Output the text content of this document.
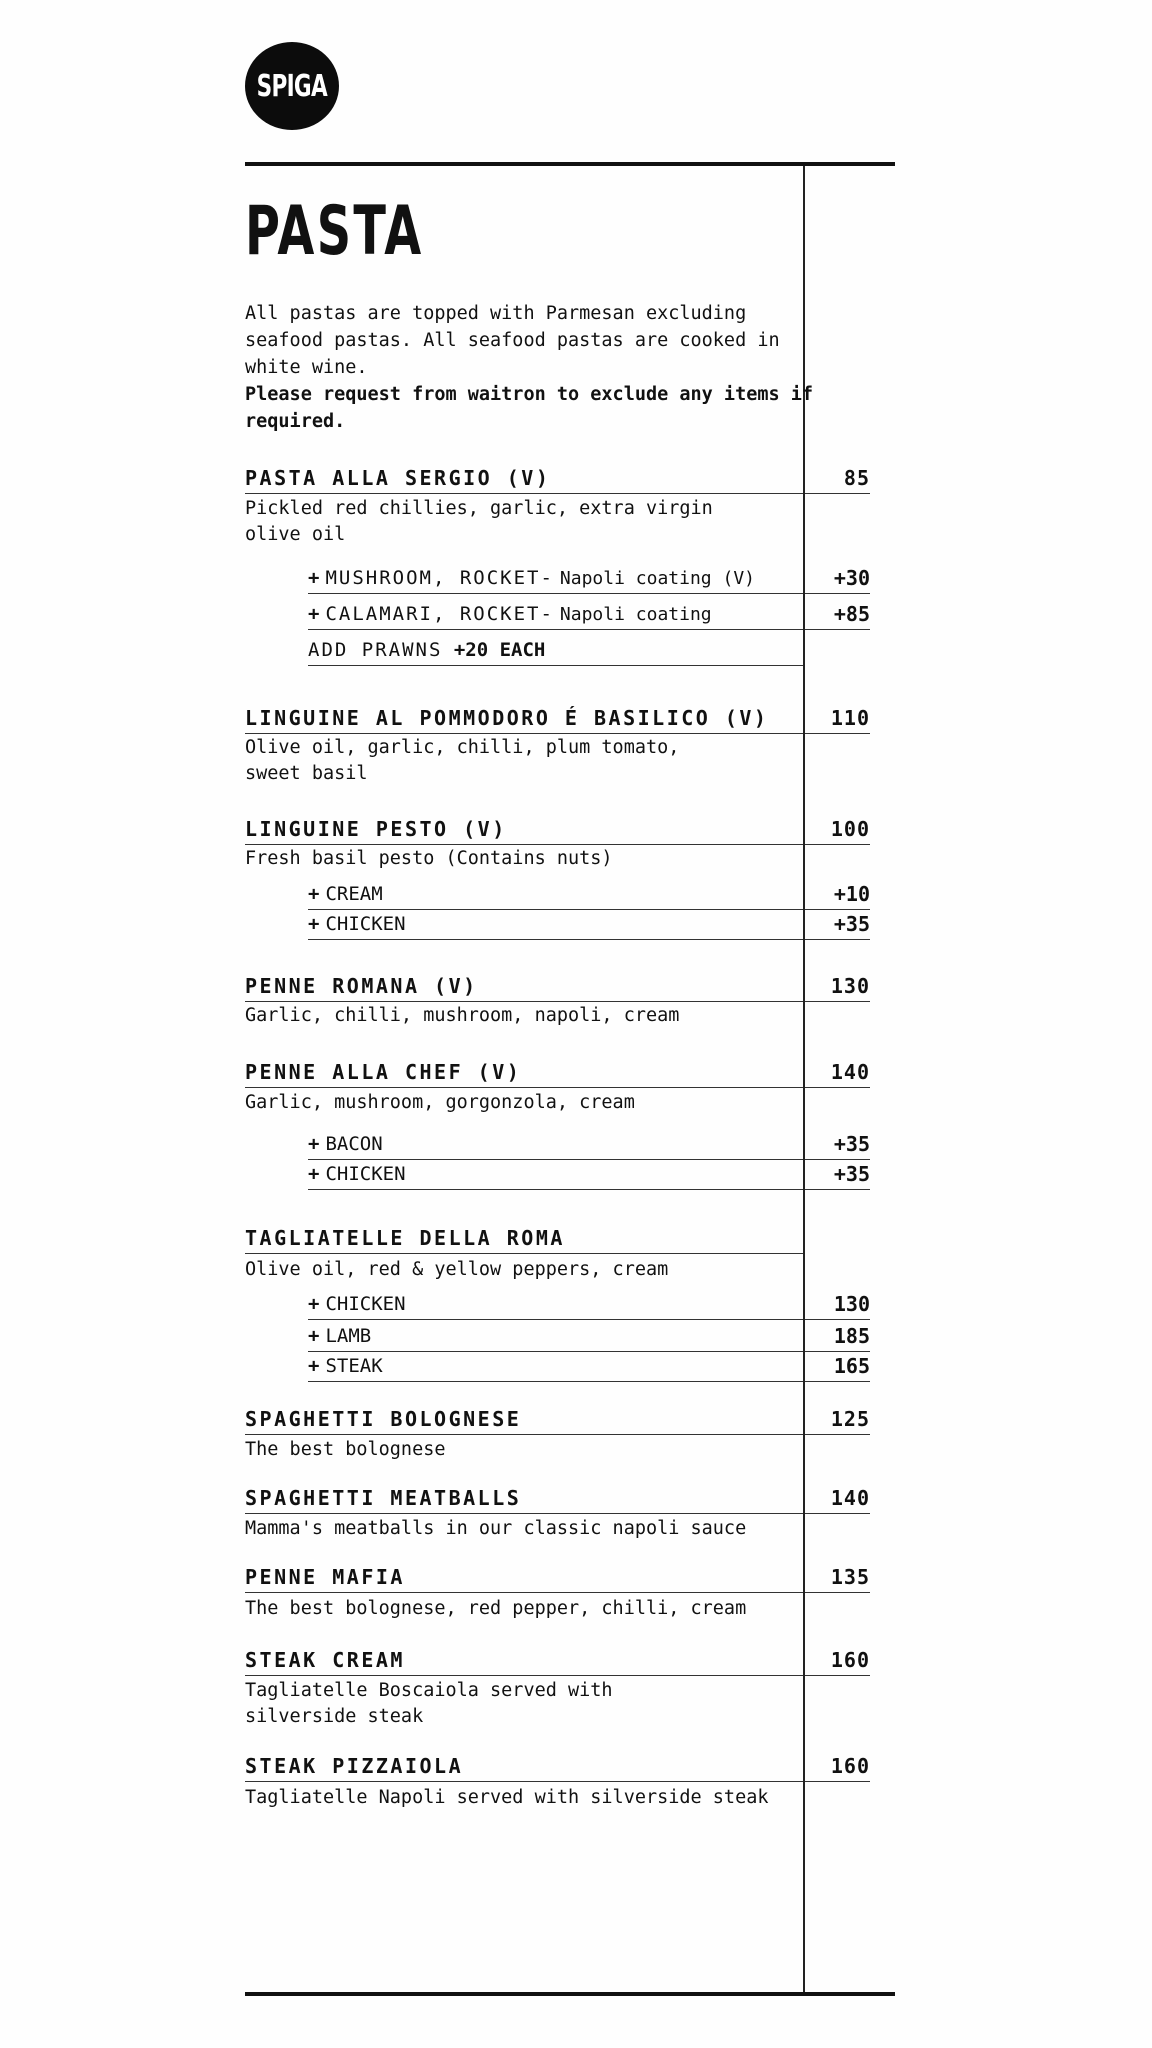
SPIGA
PASTA
All pastas are topped with Parmesan excluding seafood pastas. All seafood pastas are cooked in white wine.
Please request from waitron to exclude any items if required.
PASTA ALLA SERGIO (V)	85
Pickled red chillies, garlic, extra virgin olive oil
+ MUSHROOM, ROCKET- Napoli coating (V)	+30
+ CALAMARI, ROCKET- Napoli coating	+85
ADD PRAWNS +20 EACH
LINGUINE AL POMMODORO É BASILICO (V)	110
Olive oil, garlic, chilli, plum tomato, sweet basil
LINGUINE PESTO (V)	100
Fresh basil pesto (Contains nuts)
+ CREAM	+10
+ CHICKEN	+35
PENNE ROMANA (V)	130
Garlic, chilli, mushroom, napoli, cream
PENNE ALLA CHEF (V)	140
Garlic, mushroom, gorgonzola, cream
+ BACON	+35
+ CHICKEN	+35
TAGLIATELLE DELLA ROMA
Olive oil, red & yellow peppers, cream
+ CHICKEN	130
+ LAMB	185
+ STEAK	165
SPAGHETTI BOLOGNESE	125
The best bolognese
SPAGHETTI MEATBALLS	140
Mamma's meatballs in our classic napoli sauce
PENNE MAFIA	135
The best bolognese, red pepper, chilli, cream
STEAK CREAM	160
Tagliatelle Boscaiola served with silverside steak
STEAK PIZZAIOLA	160
Tagliatelle Napoli served with silverside steak
